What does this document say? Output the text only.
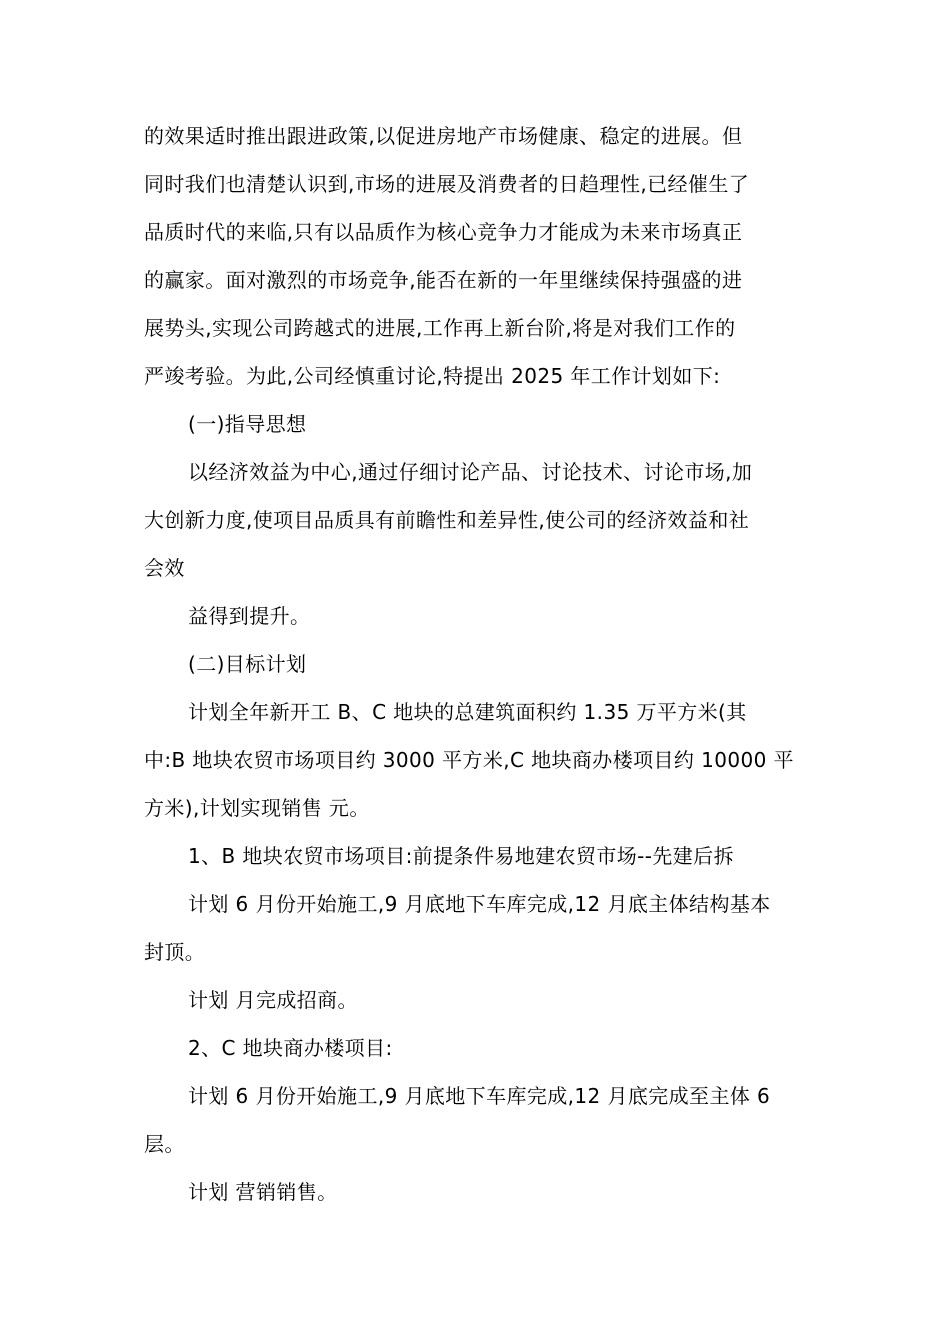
的效果适时推出跟进政策,以促进房地产市场健康、稳定的进展。但
同时我们也清楚认识到,市场的进展及消费者的日趋理性,已经催生了
品质时代的来临,只有以品质作为核心竞争力才能成为未来市场真正
的赢家。面对激烈的市场竞争,能否在新的一年里继续保持强盛的进
展势头,实现公司跨越式的进展,工作再上新台阶,将是对我们工作的
严竣考验。为此,公司经慎重讨论,特提出 2025 年工作计划如下:
(一)指导思想
以经济效益为中心,通过仔细讨论产品、讨论技术、讨论市场,加
大创新力度,使项目品质具有前瞻性和差异性,使公司的经济效益和社
会效
益得到提升。
(二)目标计划
计划全年新开工 B、C 地块的总建筑面积约 1.35 万平方米(其
中:B 地块农贸市场项目约 3000 平方米,C 地块商办楼项目约 10000 平
方米),计划实现销售 元。
1、B 地块农贸市场项目:前提条件易地建农贸市场--先建后拆
计划 6 月份开始施工,9 月底地下车库完成,12 月底主体结构基本
封顶。
计划 月完成招商。
2、C 地块商办楼项目:
计划 6 月份开始施工,9 月底地下车库完成,12 月底完成至主体 6
层。
计划 营销销售。
